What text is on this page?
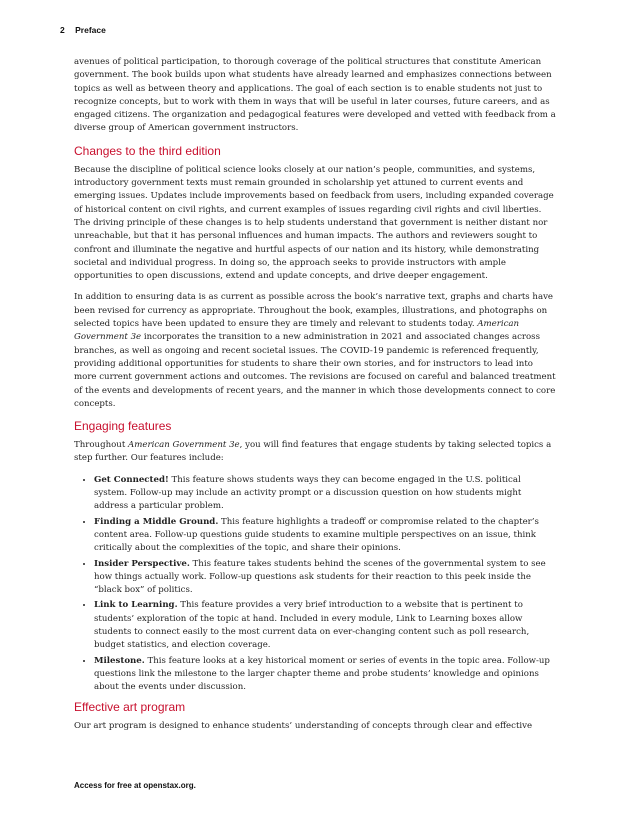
2 Preface

avenues of political participation, to thorough coverage of the political structures that constitute American government. The book builds upon what students have already learned and emphasizes connections between topics as well as between theory and applications. The goal of each section is to enable students not just to recognize concepts, but to work with them in ways that will be useful in later courses, future careers, and as engaged citizens. The organization and pedagogical features were developed and vetted with feedback from a diverse group of American government instructors.

Changes to the third edition

Because the discipline of political science looks closely at our nation’s people, communities, and systems, introductory government texts must remain grounded in scholarship yet attuned to current events and emerging issues. Updates include improvements based on feedback from users, including expanded coverage of historical content on civil rights, and current examples of issues regarding civil rights and civil liberties. The driving principle of these changes is to help students understand that government is neither distant nor unreachable, but that it has personal influences and human impacts. The authors and reviewers sought to confront and illuminate the negative and hurtful aspects of our nation and its history, while demonstrating societal and individual progress. In doing so, the approach seeks to provide instructors with ample opportunities to open discussions, extend and update concepts, and drive deeper engagement.

In addition to ensuring data is as current as possible across the book’s narrative text, graphs and charts have been revised for currency as appropriate. Throughout the book, examples, illustrations, and photographs on selected topics have been updated to ensure they are timely and relevant to students today. American Government 3e incorporates the transition to a new administration in 2021 and associated changes across branches, as well as ongoing and recent societal issues. The COVID-19 pandemic is referenced frequently, providing additional opportunities for students to share their own stories, and for instructors to lead into more current government actions and outcomes. The revisions are focused on careful and balanced treatment of the events and developments of recent years, and the manner in which those developments connect to core concepts.

Engaging features

Throughout American Government 3e, you will find features that engage students by taking selected topics a step further. Our features include:

• Get Connected! This feature shows students ways they can become engaged in the U.S. political system. Follow-up may include an activity prompt or a discussion question on how students might address a particular problem.
• Finding a Middle Ground. This feature highlights a tradeoff or compromise related to the chapter’s content area. Follow-up questions guide students to examine multiple perspectives on an issue, think critically about the complexities of the topic, and share their opinions.
• Insider Perspective. This feature takes students behind the scenes of the governmental system to see how things actually work. Follow-up questions ask students for their reaction to this peek inside the “black box” of politics.
• Link to Learning. This feature provides a very brief introduction to a website that is pertinent to students’ exploration of the topic at hand. Included in every module, Link to Learning boxes allow students to connect easily to the most current data on ever-changing content such as poll research, budget statistics, and election coverage.
• Milestone. This feature looks at a key historical moment or series of events in the topic area. Follow-up questions link the milestone to the larger chapter theme and probe students’ knowledge and opinions about the events under discussion.
Effective art program

Our art program is designed to enhance students’ understanding of concepts through clear and effective

Access for free at openstax.org.
